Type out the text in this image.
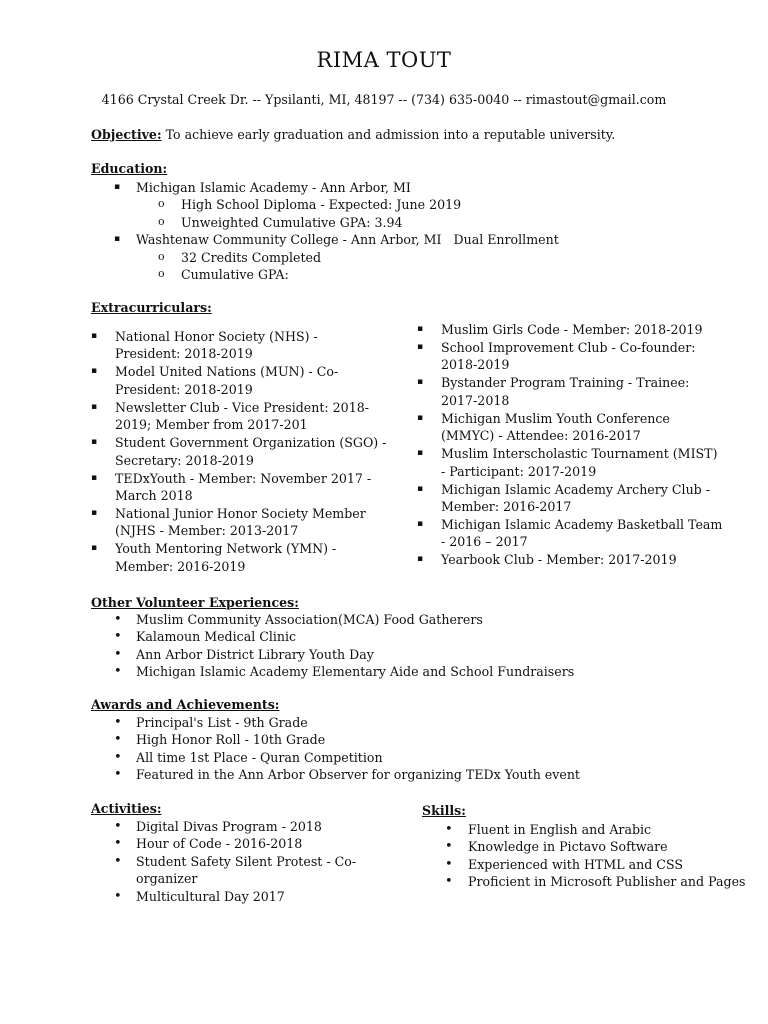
RIMA TOUT
4166 Crystal Creek Dr. -- Ypsilanti, MI, 48197 -- (734) 635-0040 -- rimastout@gmail.com
Objective: To achieve early graduation and admission into a reputable university.
Education:
▪ Michigan Islamic Academy - Ann Arbor, MI
o High School Diploma - Expected: June 2019
o Unweighted Cumulative GPA: 3.94
▪ Washtenaw Community College - Ann Arbor, MI   Dual Enrollment
o 32 Credits Completed
o Cumulative GPA:
Extracurriculars:
▪ National Honor Society (NHS) - President: 2018-2019
▪ Model United Nations (MUN) - Co-President: 2018-2019
▪ Newsletter Club - Vice President: 2018-2019; Member from 2017-201
▪ Student Government Organization (SGO) - Secretary: 2018-2019
▪ TEDxYouth - Member: November 2017 - March 2018
▪ National Junior Honor Society Member (NJHS - Member: 2013-2017
▪ Youth Mentoring Network (YMN) - Member: 2016-2019
▪ Muslim Girls Code - Member: 2018-2019
▪ School Improvement Club - Co-founder: 2018-2019
▪ Bystander Program Training - Trainee: 2017-2018
▪ Michigan Muslim Youth Conference (MMYC) - Attendee: 2016-2017
▪ Muslim Interscholastic Tournament (MIST) - Participant: 2017-2019
▪ Michigan Islamic Academy Archery Club - Member: 2016-2017
▪ Michigan Islamic Academy Basketball Team - 2016 – 2017
▪ Yearbook Club - Member: 2017-2019
Other Volunteer Experiences:
• Muslim Community Association(MCA) Food Gatherers
• Kalamoun Medical Clinic
• Ann Arbor District Library Youth Day
• Michigan Islamic Academy Elementary Aide and School Fundraisers
Awards and Achievements:
• Principal's List - 9th Grade
• High Honor Roll - 10th Grade
• All time 1st Place - Quran Competition
• Featured in the Ann Arbor Observer for organizing TEDx Youth event
Activities:
• Digital Divas Program - 2018
• Hour of Code - 2016-2018
• Student Safety Silent Protest - Co-organizer
• Multicultural Day 2017
Skills:
• Fluent in English and Arabic
• Knowledge in Pictavo Software
• Experienced with HTML and CSS
• Proficient in Microsoft Publisher and Pages
